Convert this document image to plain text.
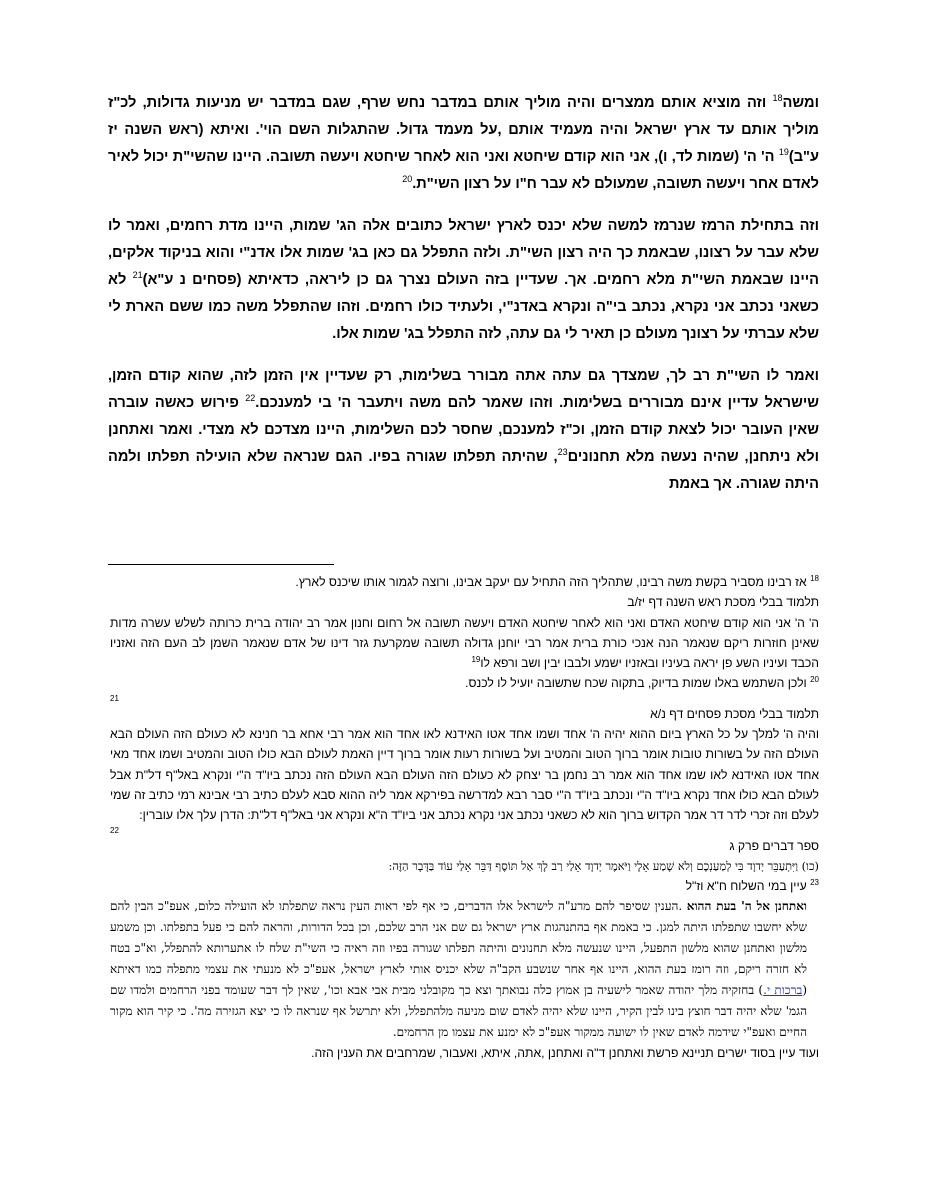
ומשה$^{18}$ וזה מוציא אותם ממצרים והיה מוליך אותם במדבר נחש שרף, שגם במדבר יש מניעות גדולות, לכ"ז מוליך אותם עד ארץ ישראל והיה מעמיד אותם ,על מעמד גדול. שהתגלות השם הוי'. ואיתא (ראש השנה יז ע"ב)$^{19}$ ה' ה' (שמות לד, ו), אני הוא קודם שיחטא ואני הוא לאחר שיחטא ויעשה תשובה. היינו שהשי"ת יכול לאיר לאדם אחר ויעשה תשובה, שמעולם לא עבר ח"ו על רצון השי"ת.$^{20}$

וזה בתחילת הרמז שנרמז למשה שלא יכנס לארץ ישראל כתובים אלה הג' שמות, היינו מדת רחמים, ואמר לו שלא עבר על רצונו, שבאמת כך היה רצון השי"ת. ולזה התפלל גם כאן בג' שמות אלו אדנ"י והוא בניקוד אלקים, היינו שבאמת השי"ת מלא רחמים. אך. שעדיין בזה העולם נצרך גם כן ליראה, כדאיתא (פסחים נ ע"א)$^{21}$ לא כשאני נכתב אני נקרא, נכתב בי"ה ונקרא באדנ"י, ולעתיד כולו רחמים. וזהו שהתפלל משה כמו ששם הארת לי שלא עברתי על רצונך מעולם כן תאיר לי גם עתה, לזה התפלל בג' שמות אלו.

ואמר לו השי"ת רב לך, שמצדך גם עתה אתה מבורר בשלימות, רק שעדיין אין הזמן לזה, שהוא קודם הזמן, שישראל עדיין אינם מבוררים בשלימות. וזהו שאמר להם משה ויתעבר ה' בי למענכם.$^{22}$ פירוש כאשה עוברה שאין העובר יכול לצאת קודם הזמן, וכ"ז למענכם, שחסר לכם השלימות, היינו מצדכם לא מצדי. ואמר ואתחנן ולא ניתחנן, שהיה נעשה מלא תחנונים$^{23}$, שהיתה תפלתו שגורה בפיו. הגם שנראה שלא הועילה תפלתו ולמה היתה שגורה. אך באמת

$^{18}$ אז רבינו מסביר בקשת משה רבינו, שתהליך הזה התחיל עם יעקב אבינו, ורוצה לגמור אותו שיכנס לארץ.
תלמוד בבלי מסכת ראש השנה דף יז/ב
ה' ה' אני הוא קודם שיחטא האדם ואני הוא לאחר שיחטא האדם ויעשה תשובה אל רחום וחנון אמר רב יהודה ברית כרותה לשלש עשרה מדות שאינן חוזרות ריקם שנאמר הנה אנכי כורת ברית אמר רבי יוחנן גדולה תשובה שמקרעת גזר דינו של אדם שנאמר השמן לב העם הזה ואזניו הכבד ועיניו השע פן יראה בעיניו ובאזניו ישמע ולבבו יבין ושב ורפא לו$^{19}$
$^{20}$ ולכן השתמש באלו שמות בדיוק, בתקוה שכח שתשובה יועיל לו לכנס.
21
תלמוד בבלי מסכת פסחים דף נ/א
והיה ה' למלך על כל הארץ ביום ההוא יהיה ה' אחד ושמו אחד אטו האידנא לאו אחד הוא אמר רבי אחא בר חנינא לא כעולם הזה העולם הבא העולם הזה על בשורות טובות אומר ברוך הטוב והמטיב ועל בשורות רעות אומר ברוך דיין האמת לעולם הבא כולו הטוב והמטיב ושמו אחד מאי אחד אטו האידנא לאו שמו אחד הוא אמר רב נחמן בר יצחק לא כעולם הזה העולם הבא העולם הזה נכתב ביו"ד ה"י ונקרא באל"ף דל"ת אבל לעולם הבא כולו אחד נקרא ביו"ד ה"י ונכתב ביו"ד ה"י סבר רבא למדרשה בפירקא אמר ליה ההוא סבא לעלם כתיב רבי אבינא רמי כתיב זה שמי לעלם וזה זכרי לדר דר אמר הקדוש ברוך הוא לא כשאני נכתב אני נקרא נכתב אני ביו"ד ה"א ונקרא אני באל"ף דל"ת: הדרן עלך אלו עוברין:
22
ספר דברים פרק ג
(כו) וַיִּתְעַבֵּר יְדוָד בִּי לְמַעַנְכֶם וְלֹא שָׁמַע אֵלָי וַיֹּאמֶר יְדוָד אֵלַי רַב לָךְ אַל תּוֹסֶף דַּבֵּר אֵלַי עוֹד בַּדָּבָר הַזֶּה:
$^{23}$ עיין במי השלוח ח"א וז"ל
ואתחנן אל ה' בעת ההוא .הענין שסיפר להם מרע"ה לישראל אלו הדברים, כי אף לפי ראות העין נראה שתפלתו לא הועילה כלום, אעפ"כ הבין להם שלא יחשבו שתפלתו היתה למגן. כי באמת אף בהתנהגות ארץ ישראל גם שם אני הרב שלכם, וכן בכל הדורות, והראה להם כי פעל בתפלתו. וכן משמע מלשון ואתחנן שהוא מלשון התפעל, היינו שנעשה מלא תחנונים והיתה תפלתו שגורה בפיו וזה ראיה כי השי"ת שלח לו אתערותא להתפלל, וא"כ בטח לא חזרה ריקם, וזה רומז בעת ההוא, היינו אף אחר שנשבע הקב"ה שלא יכניס אותי לארץ ישראל, אעפ"כ לא מנעתי את עצמי מתפלה כמו דאיתא (ברכות י.) בחזקיה מלך יהודה שאמר לישעיה בן אמוץ כלה נבואתך וצא כך מקובלני מבית אבי אבא וכו', שאין לך דבר שעומד בפני הרחמים ולמדו שם הגמ' שלא יהיה דבר חוצץ בינו לבין הקיר, היינו שלא יהיה לאדם שום מניעה מלהתפלל, ולא יתרשל אף שנראה לו כי יצא הגזירה מה'. כי קיר הוא מקור החיים ואעפ"י שידמה לאדם שאין לו ישועה ממקור אעפ"כ לא ימנע את עצמו מן הרחמים.
ועוד עיין בסוד ישרים תניינא פרשת ואתחנן ד"ה ואתחנן ,אתה, איתא, ואעבור, שמרחבים את הענין הזה.
